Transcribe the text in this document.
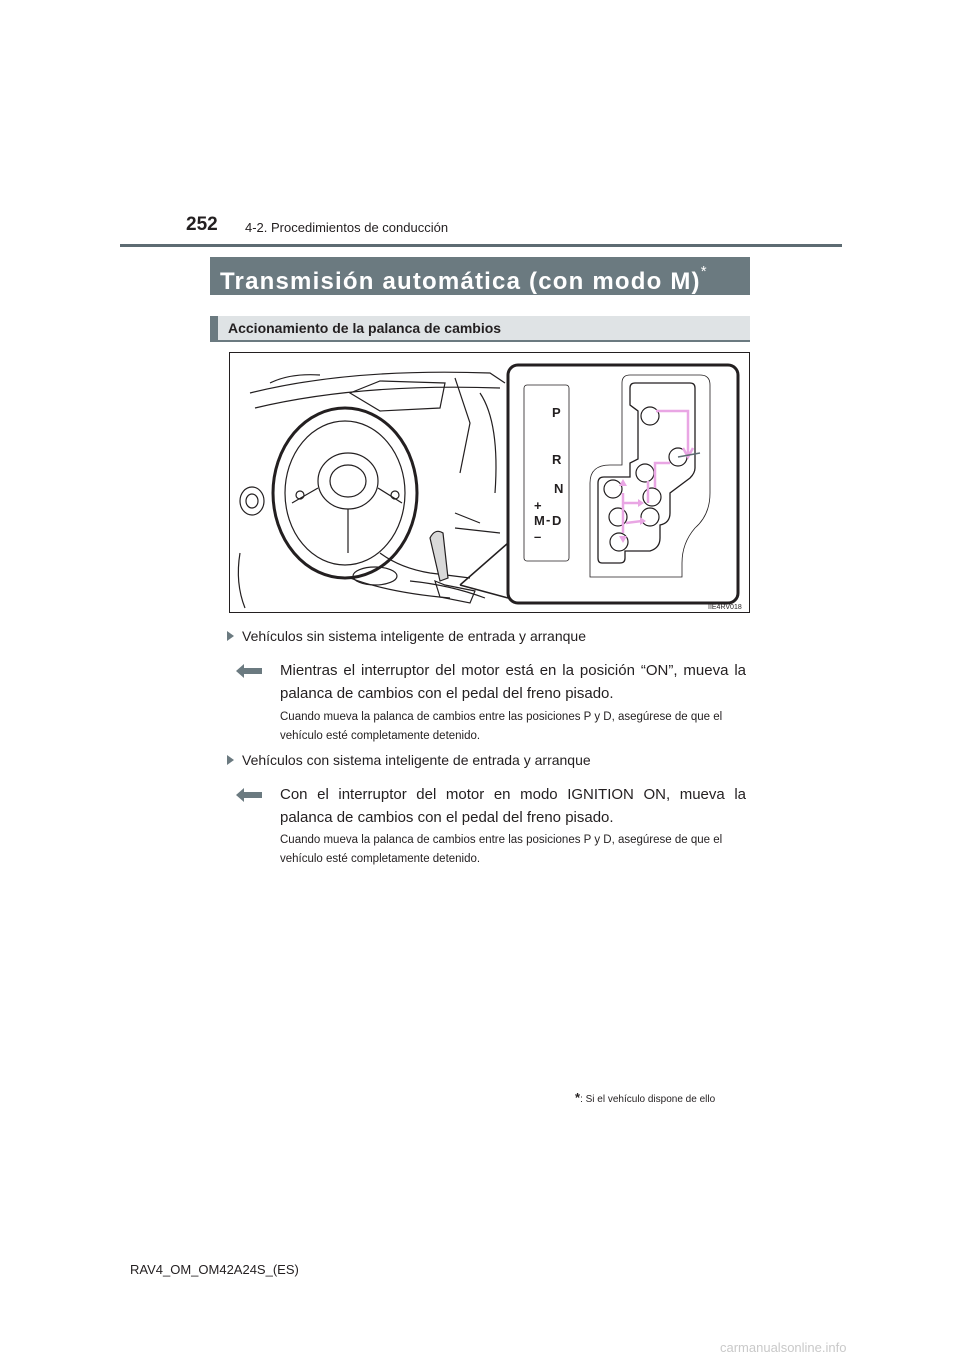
252 4-2. Procedimientos de conducción
Transmisión automática (con modo M)*
Accionamiento de la palanca de cambios
P
R
N
+
M - D
–
IIE4RV018
Vehículos sin sistema inteligente de entrada y arranque
Mientras el interruptor del motor está en la posición “ON”, mueva la palanca de cambios con el pedal del freno pisado.
Cuando mueva la palanca de cambios entre las posiciones P y D, asegúrese de que el vehículo esté completamente detenido.
Vehículos con sistema inteligente de entrada y arranque
Con el interruptor del motor en modo IGNITION ON, mueva la palanca de cambios con el pedal del freno pisado.
Cuando mueva la palanca de cambios entre las posiciones P y D, asegúrese de que el vehículo esté completamente detenido.
*: Si el vehículo dispone de ello
RAV4_OM_OM42A24S_(ES)
carmanualsonline.info
